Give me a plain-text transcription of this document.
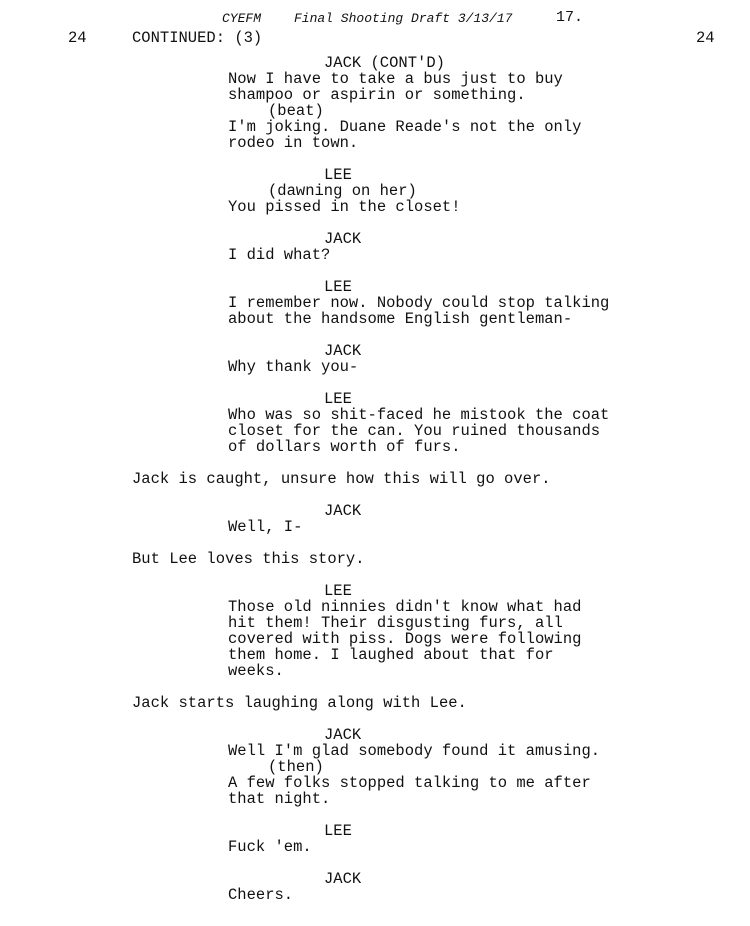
CYEFM	Final Shooting Draft 3/13/17	17.
24	CONTINUED: (3)	24

JACK (CONT'D)

Now I have to take a bus just to buy
shampoo or aspirin or something.

(beat)

I'm joking. Duane Reade's not the only
rodeo in town.

LEE

(dawning on her)

You pissed in the closet!

JACK

I did what?

LEE

I remember now. Nobody could stop talking
about the handsome English gentleman-

JACK

Why thank you-

LEE

Who was so shit-faced he mistook the coat
closet for the can. You ruined thousands
of dollars worth of furs.

Jack is caught, unsure how this will go over.

JACK

Well, I-

But Lee loves this story.

LEE

Those old ninnies didn't know what had
hit them! Their disgusting furs, all
covered with piss. Dogs were following
them home. I laughed about that for
weeks.

Jack starts laughing along with Lee.

JACK

Well I'm glad somebody found it amusing.

(then)

A few folks stopped talking to me after
that night.

LEE

Fuck 'em.

JACK

Cheers.
